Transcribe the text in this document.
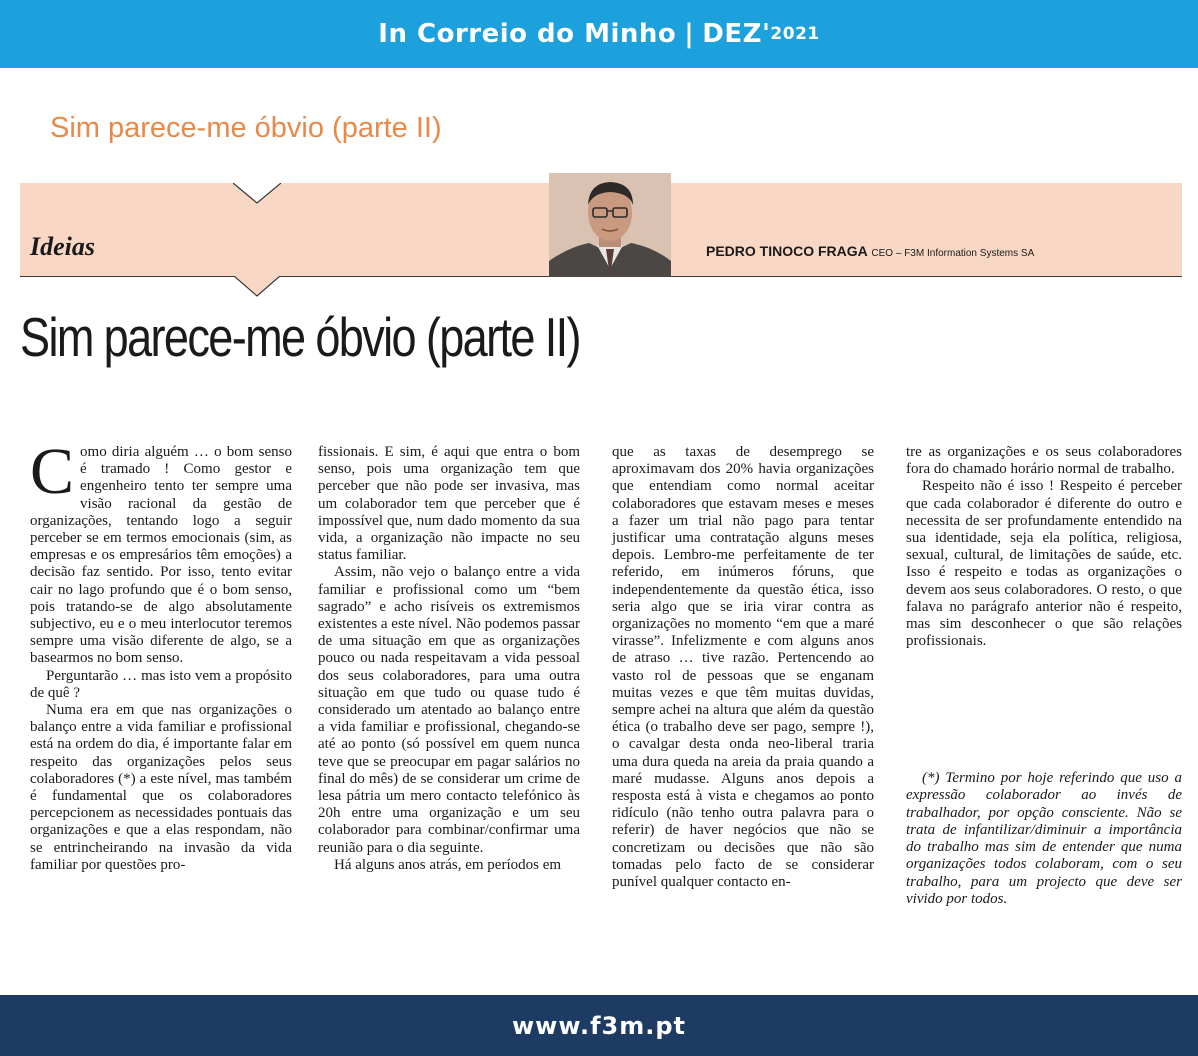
In Correio do Minho | DEZ' 2021
Sim parece-me óbvio (parte II)
Ideias	PEDRO TINOCO FRAGA CEO – F3M Information Systems SA
Sim parece-me óbvio (parte II)

Como diria alguém … o bom senso é tramado ! Como gestor e engenheiro tento ter sempre uma visão racional da gestão de organizações, tentando logo a seguir perceber se em termos emocionais (sim, as empresas e os empresários têm emoções) a decisão faz sentido. Por isso, tento evitar cair no lago profundo que é o bom senso, pois tratando-se de algo absolutamente subjectivo, eu e o meu interlocutor teremos sempre uma visão diferente de algo, se a basearmos no bom senso.

Perguntarão … mas isto vem a propósito de quê ?

Numa era em que nas organizações o balanço entre a vida familiar e profissional está na ordem do dia, é importante falar em respeito das organizações pelos seus colaboradores (*) a este nível, mas também é fundamental que os colaboradores percepcionem as necessidades pontuais das organizações e que a elas respondam, não se entrincheirando na invasão da vida familiar por questões pro-

fissionais. E sim, é aqui que entra o bom senso, pois uma organização tem que perceber que não pode ser invasiva, mas um colaborador tem que perceber que é impossível que, num dado momento da sua vida, a organização não impacte no seu status familiar.

Assim, não vejo o balanço entre a vida familiar e profissional como um “bem sagrado” e acho risíveis os extremismos existentes a este nível. Não podemos passar de uma situação em que as organizações pouco ou nada respeitavam a vida pessoal dos seus colaboradores, para uma outra situação em que tudo ou quase tudo é considerado um atentado ao balanço entre a vida familiar e profissional, chegando-se até ao ponto (só possível em quem nunca teve que se preocupar em pagar salários no final do mês) de se considerar um crime de lesa pátria um mero contacto telefónico às 20h entre uma organização e um seu colaborador para combinar/confirmar uma reunião para o dia seguinte.

Há alguns anos atrás, em períodos em

que as taxas de desemprego se aproximavam dos 20% havia organizações que entendiam como normal aceitar colaboradores que estavam meses e meses a fazer um trial não pago para tentar justificar uma contratação alguns meses depois. Lembro-me perfeitamente de ter referido, em inúmeros fóruns, que independentemente da questão ética, isso seria algo que se iria virar contra as organizações no momento “em que a maré virasse”. Infelizmente e com alguns anos de atraso … tive razão. Pertencendo ao vasto rol de pessoas que se enganam muitas vezes e que têm muitas duvidas, sempre achei na altura que além da questão ética (o trabalho deve ser pago, sempre !), o cavalgar desta onda neo-liberal traria uma dura queda na areia da praia quando a maré mudasse. Alguns anos depois a resposta está à vista e chegamos ao ponto ridículo (não tenho outra palavra para o referir) de haver negócios que não se concretizam ou decisões que não são tomadas pelo facto de se considerar punível qualquer contacto en-

tre as organizações e os seus colaboradores fora do chamado horário normal de trabalho.

Respeito não é isso ! Respeito é perceber que cada colaborador é diferente do outro e necessita de ser profundamente entendido na sua identidade, seja ela política, religiosa, sexual, cultural, de limitações de saúde, etc. Isso é respeito e todas as organizações o devem aos seus colaboradores. O resto, o que falava no parágrafo anterior não é respeito, mas sim desconhecer o que são relações profissionais.

(*) Termino por hoje referindo que uso a expressão colaborador ao invés de trabalhador, por opção consciente. Não se trata de infantilizar/diminuir a importância do trabalho mas sim de entender que numa organizações todos colaboram, com o seu trabalho, para um projecto que deve ser vivido por todos.

www.f3m.pt
